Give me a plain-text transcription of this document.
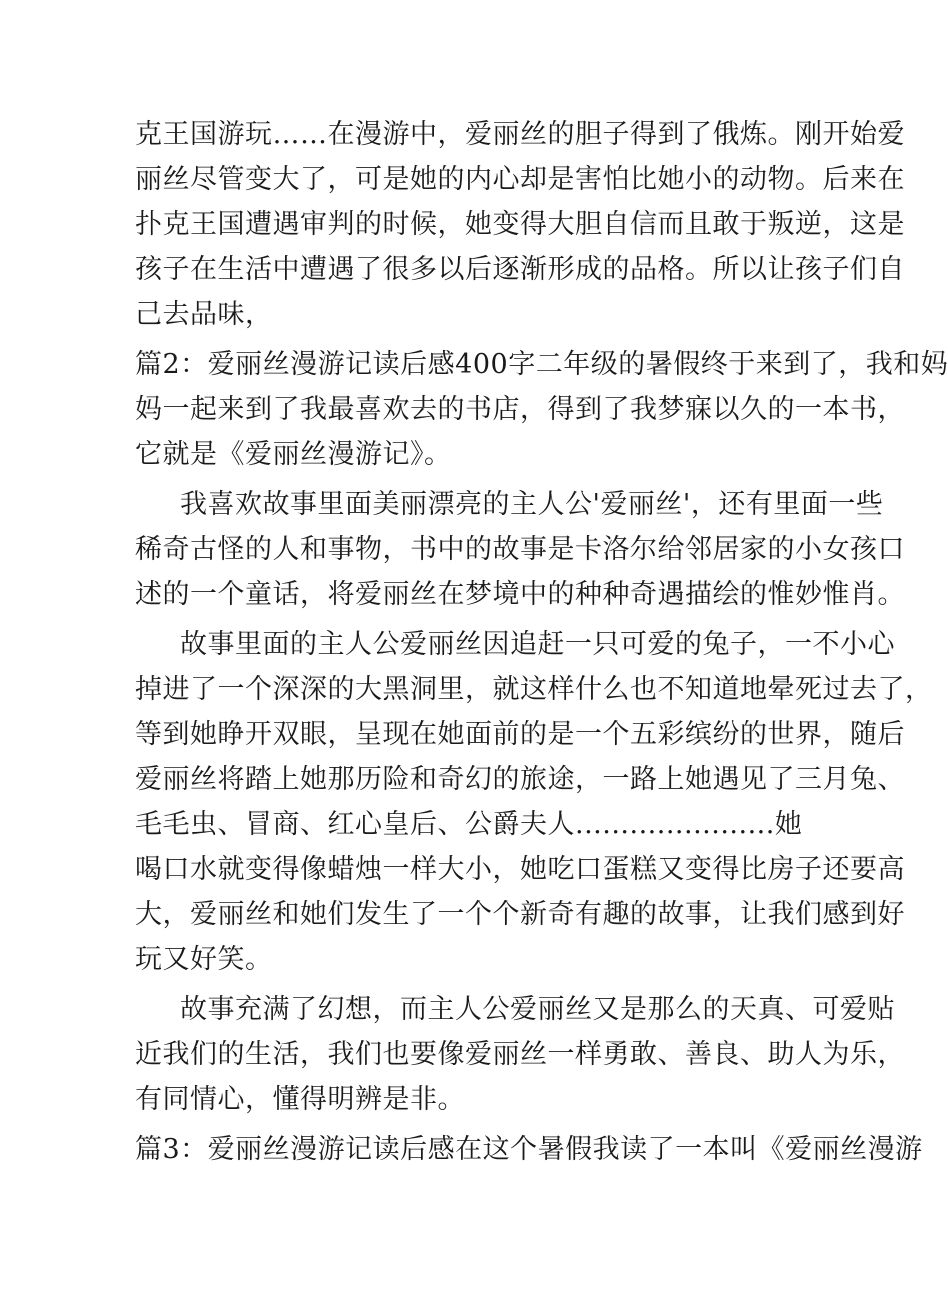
克王国游玩……在漫游中，爱丽丝的胆子得到了俄炼。刚开始爱
丽丝尽管变大了，可是她的内心却是害怕比她小的动物。后来在
扑克王国遭遇审判的时候，她变得大胆自信而且敢于叛逆，这是
孩子在生活中遭遇了很多以后逐渐形成的品格。所以让孩子们自
己去品味，
篇2：爱丽丝漫游记读后感400字二年级的暑假终于来到了，我和妈
妈一起来到了我最喜欢去的书店，得到了我梦寐以久的一本书，
它就是《爱丽丝漫游记》。
我喜欢故事里面美丽漂亮的主人公'爱丽丝'，还有里面一些
稀奇古怪的人和事物，书中的故事是卡洛尔给邻居家的小女孩口
述的一个童话，将爱丽丝在梦境中的种种奇遇描绘的惟妙惟肖。
故事里面的主人公爱丽丝因追赶一只可爱的兔子，一不小心
掉进了一个深深的大黑洞里，就这样什么也不知道地晕死过去了，
等到她睁开双眼，呈现在她面前的是一个五彩缤纷的世界，随后
爱丽丝将踏上她那历险和奇幻的旅途，一路上她遇见了三月兔、
毛毛虫、冒商、红心皇后、公爵夫人......................她
喝口水就变得像蜡烛一样大小，她吃口蛋糕又变得比房子还要高
大，爱丽丝和她们发生了一个个新奇有趣的故事，让我们感到好
玩又好笑。
故事充满了幻想，而主人公爱丽丝又是那么的天真、可爱贴
近我们的生活，我们也要像爱丽丝一样勇敢、善良、助人为乐，
有同情心，懂得明辨是非。
篇3：爱丽丝漫游记读后感在这个暑假我读了一本叫《爱丽丝漫游
